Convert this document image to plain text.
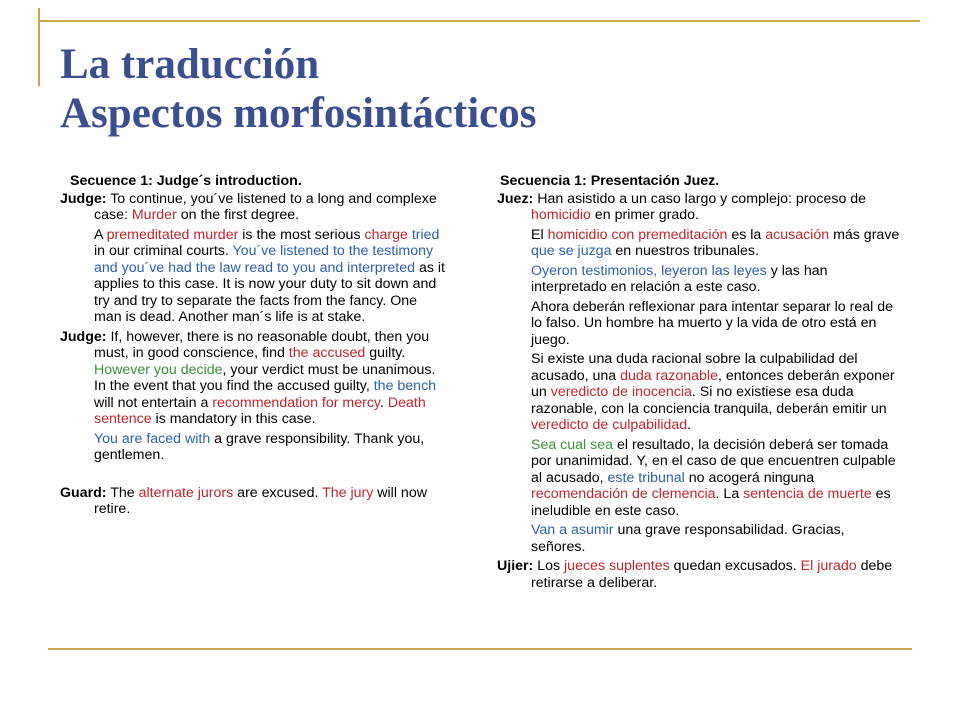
La traducción
Aspectos morfosintácticos
Secuence 1: Judge´s introduction.
Judge: To continue, you´ve listened to a long and complexe case: Murder on the first degree.
A premeditated murder is the most serious charge tried in our criminal courts. You´ve listened to the testimony and you´ve had the law read to you and interpreted as it applies to this case. It is now your duty to sit down and try and try to separate the facts from the fancy. One man is dead. Another man´s life is at stake.
Judge: If, however, there is no reasonable doubt, then you must, in good conscience, find the accused guilty. However you decide, your verdict must be unanimous. In the event that you find the accused guilty, the bench will not entertain a recommendation for mercy. Death sentence is mandatory in this case.
You are faced with a grave responsibility. Thank you, gentlemen.
Guard: The alternate jurors are excused. The jury will now retire.
Secuencia 1: Presentación Juez.
Juez: Han asistido a un caso largo y complejo: proceso de homicidio en primer grado.
El homicidio con premeditación es la acusación más grave que se juzga en nuestros tribunales.
Oyeron testimonios, leyeron las leyes y las han interpretado en relación a este caso.
Ahora deberán reflexionar para intentar separar lo real de lo falso. Un hombre ha muerto y la vida de otro está en juego.
Si existe una duda racional sobre la culpabilidad del acusado, una duda razonable, entonces deberán exponer un veredicto de inocencia. Si no existiese esa duda razonable, con la conciencia tranquila, deberán emitir un veredicto de culpabilidad.
Sea cual sea el resultado, la decisión deberá ser tomada por unanimidad. Y, en el caso de que encuentren culpable al acusado, este tribunal no acogerá ninguna recomendación de clemencia. La sentencia de muerte es ineludible en este caso.
Van a asumir una grave responsabilidad. Gracias, señores.
Ujier: Los jueces suplentes quedan excusados. El jurado debe retirarse a deliberar.
